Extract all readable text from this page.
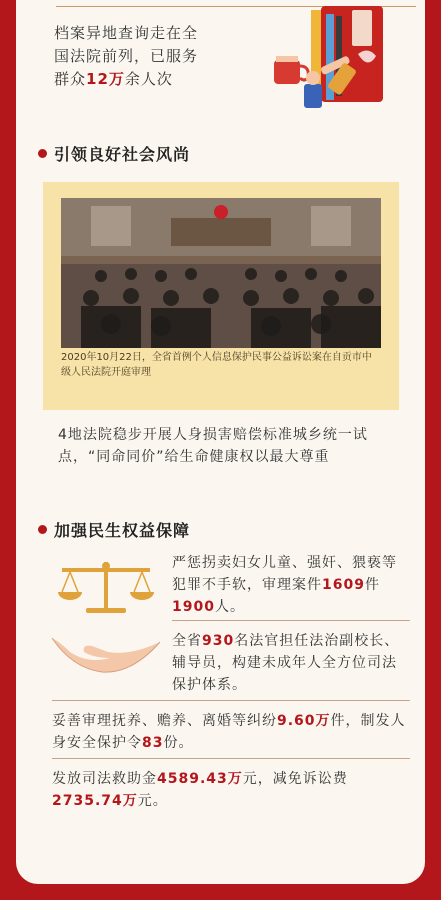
档案异地查询走在全
国法院前列，已服务
群众12万余人次
引领良好社会风尚
2020年10月22日，全省首例个人信息保护民事公益诉讼案在自贡市中级人民法院开庭审理
4地法院稳步开展人身损害赔偿标准城乡统一试点，“同命同价”给生命健康权以最大尊重
加强民生权益保障
严惩拐卖妇女儿童、强奸、猥亵等犯罪不手软，审理案件1609件1900人。
全省930名法官担任法治副校长、辅导员，构建未成年人全方位司法保护体系。
妥善审理抚养、赡养、离婚等纠纷9.60万件，制发人身安全保护令83份。
发放司法救助金4589.43万元，减免诉讼费2735.74万元。
